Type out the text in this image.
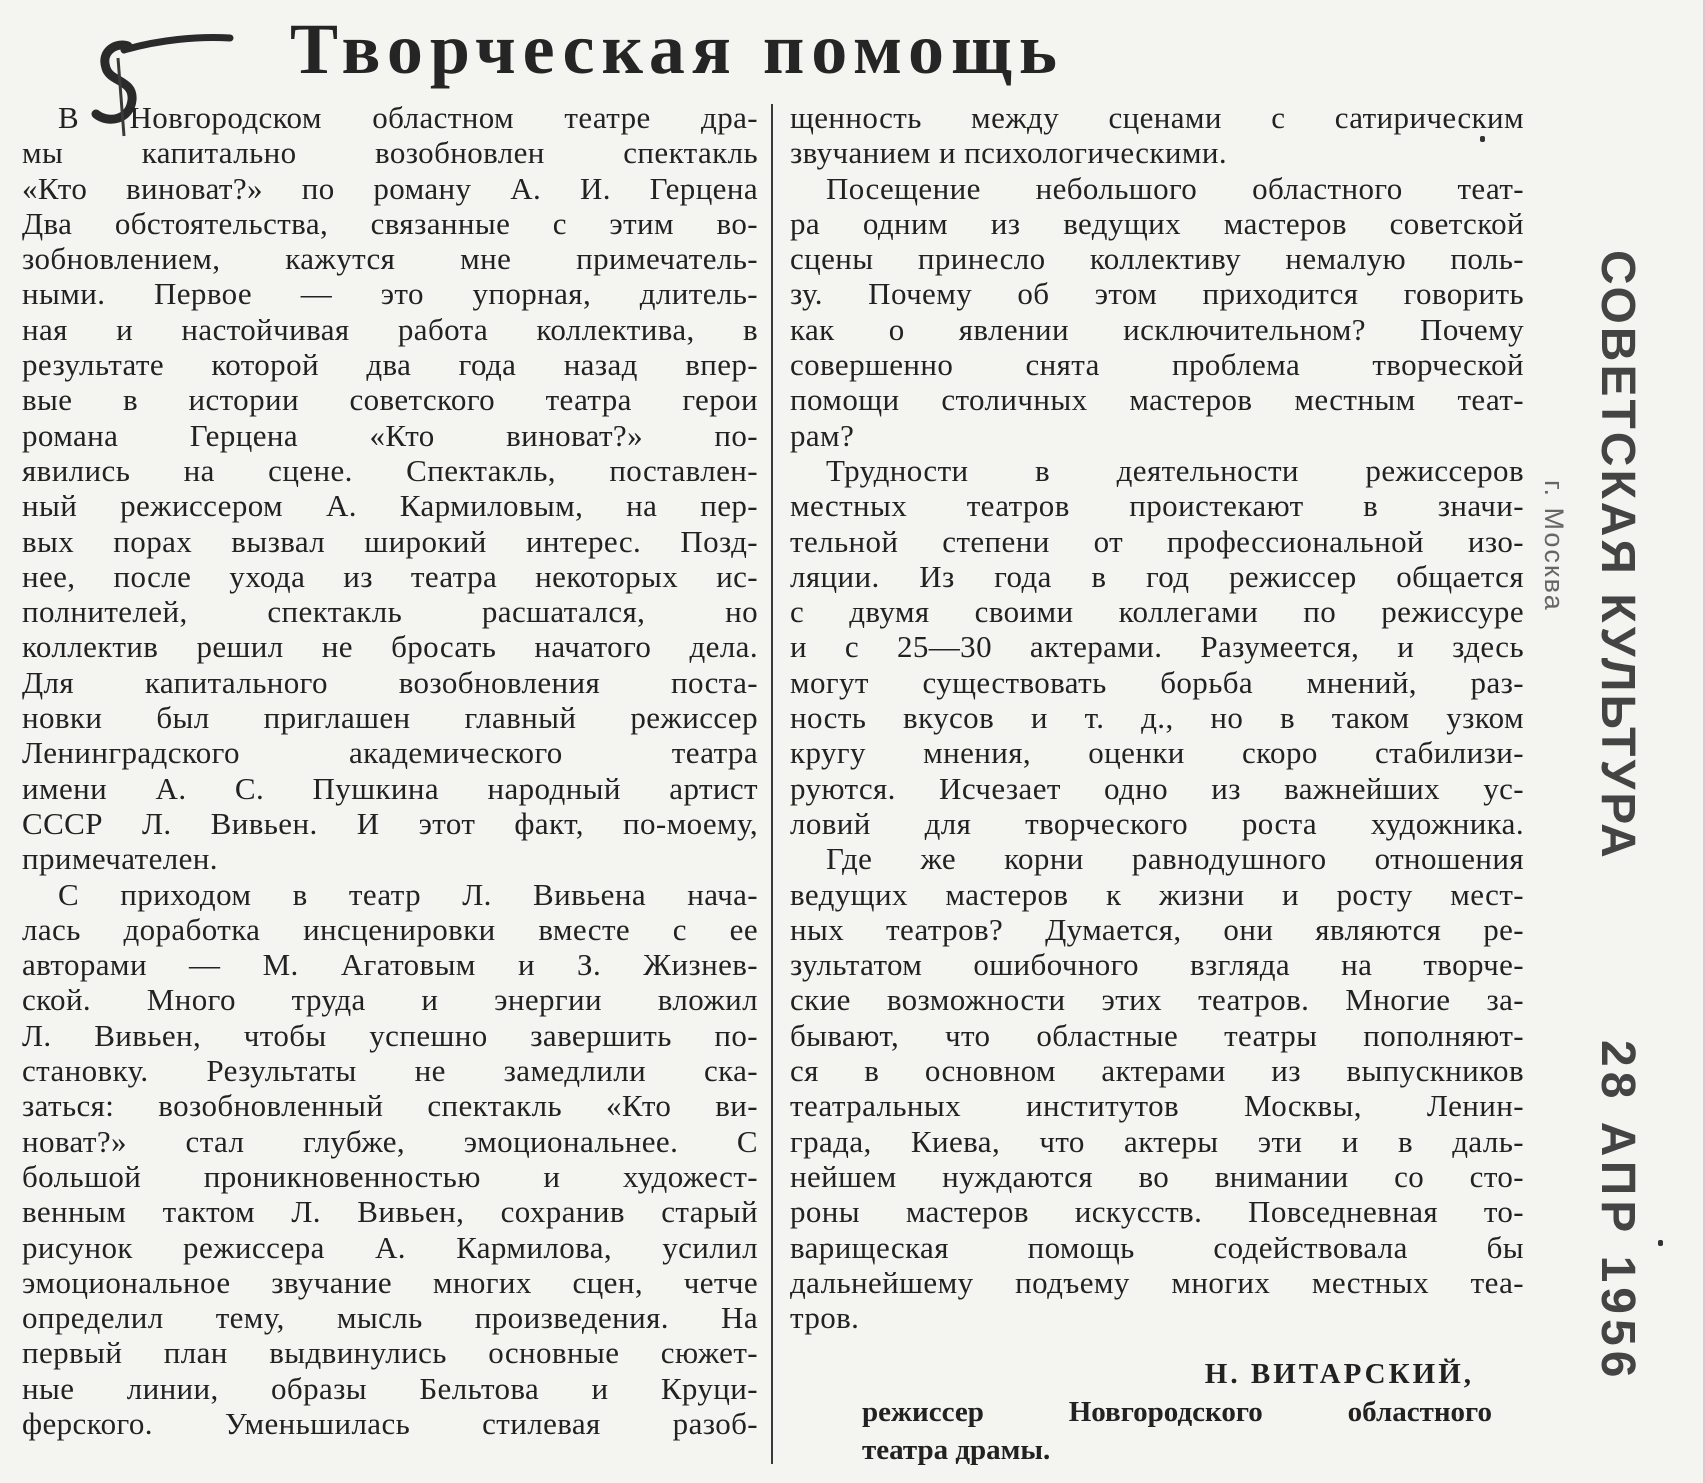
Творческая помощь
В Новгородском областном театре дра-
мы капитально возобновлен спектакль
«Кто виноват?» по роману А. И. Герцена
Два обстоятельства, связанные с этим во-
зобновлением, кажутся мне примечатель-
ными. Первое — это упорная, длитель-
ная и настойчивая работа коллектива, в
результате которой два года назад впер-
вые в истории советского театра герои
романа Герцена «Кто виноват?» по-
явились на сцене. Спектакль, поставлен-
ный режиссером А. Кармиловым, на пер-
вых порах вызвал широкий интерес. Позд-
нее, после ухода из театра некоторых ис-
полнителей, спектакль расшатался, но
коллектив решил не бросать начатого дела.
Для капитального возобновления поста-
новки был приглашен главный режиссер
Ленинградского академического театра
имени А. С. Пушкина народный артист
СССР Л. Вивьен. И этот факт, по-моему,
примечателен.
С приходом в театр Л. Вивьена нача-
лась доработка инсценировки вместе с ее
авторами — М. Агатовым и З. Жизнев-
ской. Много труда и энергии вложил
Л. Вивьен, чтобы успешно завершить по-
становку. Результаты не замедлили ска-
заться: возобновленный спектакль «Кто ви-
новат?» стал глубже, эмоциональнее. С
большой проникновенностью и художест-
венным тактом Л. Вивьен, сохранив старый
рисунок режиссера А. Кармилова, усилил
эмоциональное звучание многих сцен, четче
определил тему, мысль произведения. На
первый план выдвинулись основные сюжет-
ные линии, образы Бельтова и Круци-
ферского. Уменьшилась стилевая разоб-
щенность между сценами с сатирическим
звучанием и психологическими.
Посещение небольшого областного теат-
ра одним из ведущих мастеров советской
сцены принесло коллективу немалую поль-
зу. Почему об этом приходится говорить
как о явлении исключительном? Почему
совершенно снята проблема творческой
помощи столичных мастеров местным теат-
рам?
Трудности в деятельности режиссеров
местных театров проистекают в значи-
тельной степени от профессиональной изо-
ляции. Из года в год режиссер общается
с двумя своими коллегами по режиссуре
и с 25—30 актерами. Разумеется, и здесь
могут существовать борьба мнений, раз-
ность вкусов и т. д., но в таком узком
кругу мнения, оценки скоро стабилизи-
руются. Исчезает одно из важнейших ус-
ловий для творческого роста художника.
Где же корни равнодушного отношения
ведущих мастеров к жизни и росту мест-
ных театров? Думается, они являются ре-
зультатом ошибочного взгляда на творче-
ские возможности этих театров. Многие за-
бывают, что областные театры пополняют-
ся в основном актерами из выпускников
театральных институтов Москвы, Ленин-
града, Киева, что актеры эти и в даль-
нейшем нуждаются во внимании со сто-
роны мастеров искусств. Повседневная то-
варищеская помощь содействовала бы
дальнейшему подъему многих местных теа-
тров.
Н. ВИТАРСКИЙ,
режиссер Новгородского областного
театра драмы.
СОВЕТСКАЯ КУЛЬТУРА
г. Москва
28 АПР 1956
